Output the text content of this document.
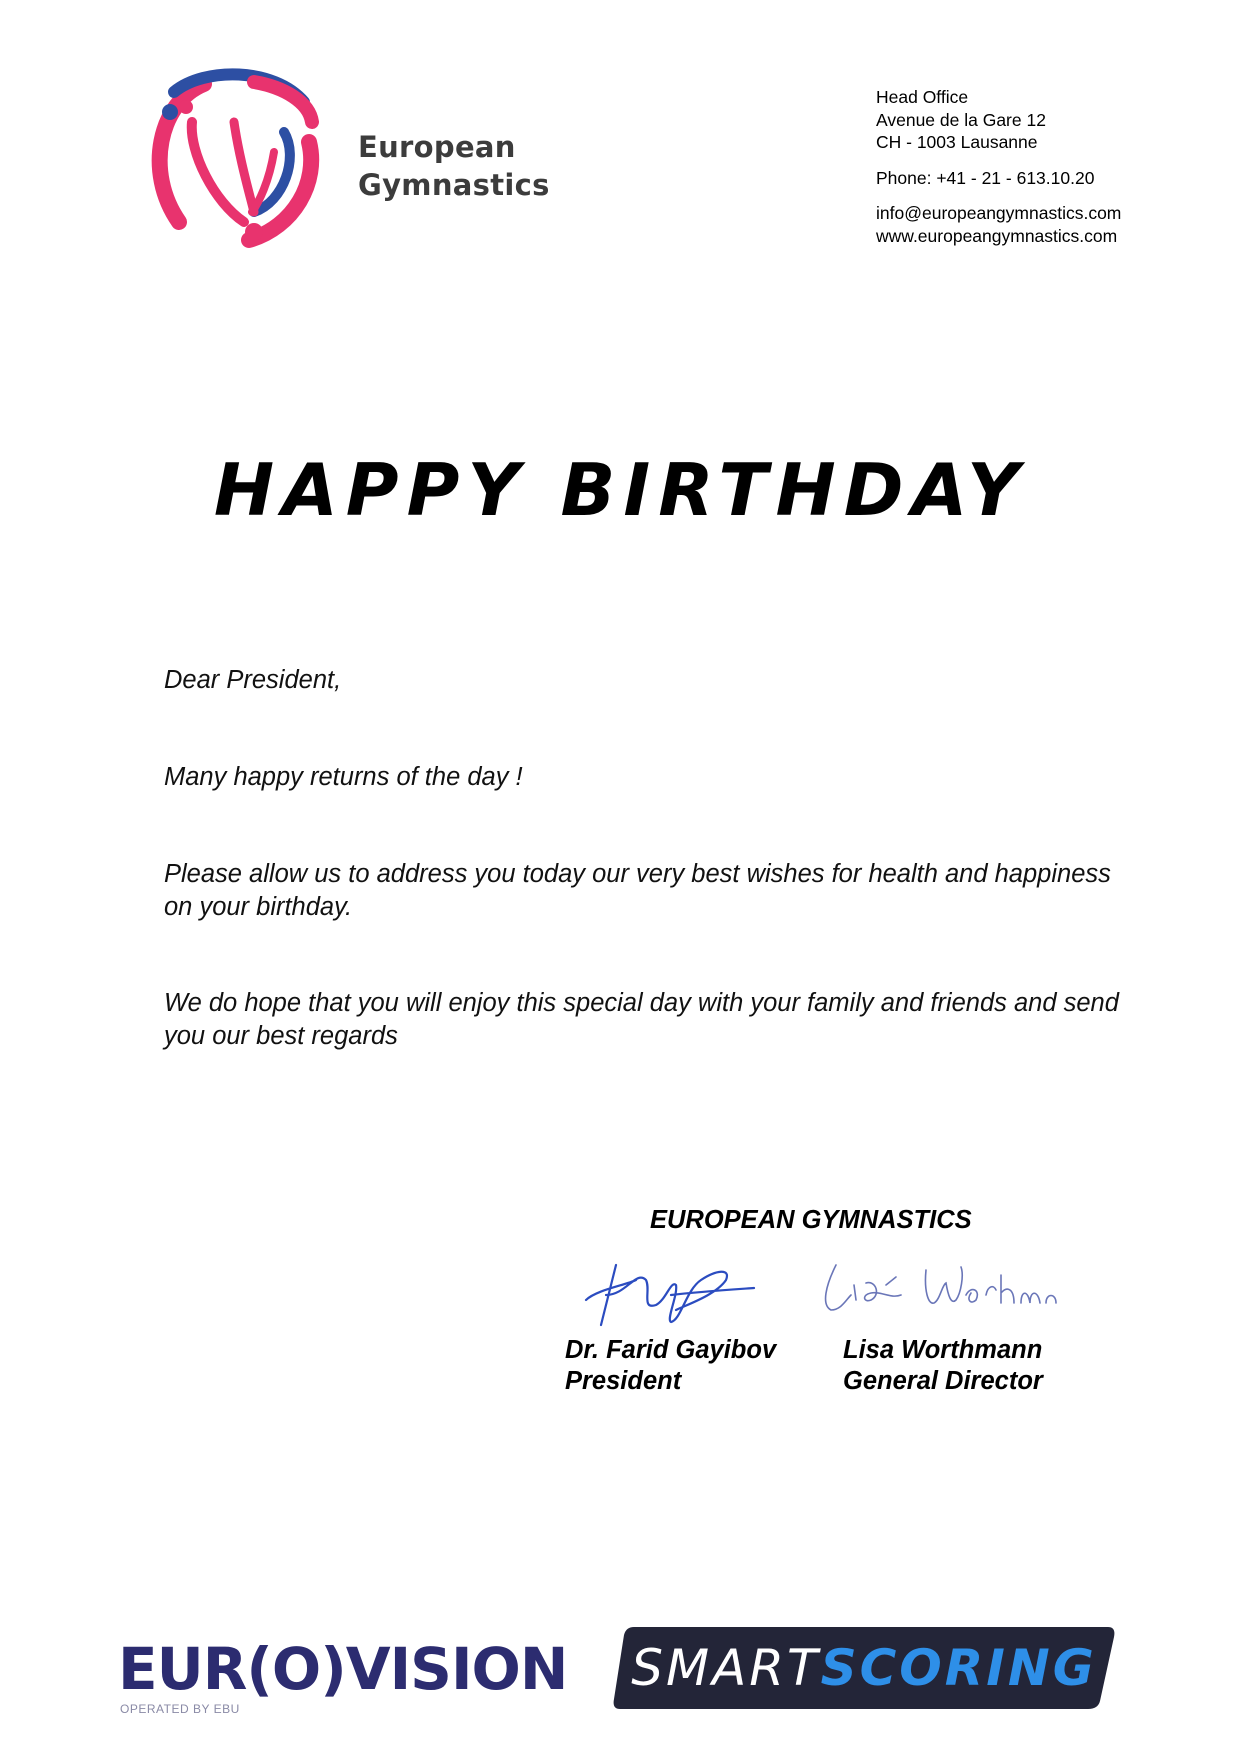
European
Gymnastics
Head Office
Avenue de la Gare 12
CH - 1003 Lausanne
Phone: +41 - 21 - 613.10.20
info@europeangymnastics.com
www.europeangymnastics.com
HAPPY BIRTHDAY

Dear President,

Many happy returns of the day !

Please allow us to address you today our very best wishes for health and happiness on your birthday.

We do hope that you will enjoy this special day with your family and friends and send you our best regards

EUROPEAN GYMNASTICS
Dr. Farid Gayibov
President
Lisa Worthmann
General Director
EUR(O)VISION
OPERATED BY EBU
SMART SCORING
